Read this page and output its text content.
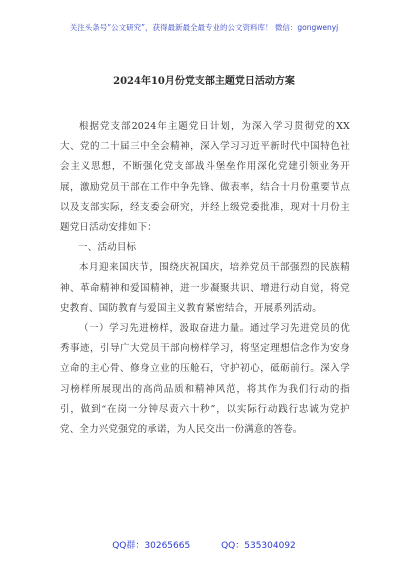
关注头条号“公文研究”，获得最新最全最专业的公文资料库！ 微信：gongwenyj
2024年10月份党支部主题党日活动方案

根据党支部2024年主题党日计划，为深入学习贯彻党的XX大、党的二十届三中全会精神，深入学习习近平新时代中国特色社会主义思想，不断强化党支部战斗堡垒作用深化党建引领业务开展，激励党员干部在工作中争先锋、做表率，结合十月份重要节点以及支部实际，经支委会研究，并经上级党委批准，现对十月份主题党日活动安排如下：

一、活动目标

本月迎来国庆节，围绕庆祝国庆，培养党员干部强烈的民族精神、革命精神和爱国精神，进一步凝聚共识、增进行动自觉，将党史教育、国防教育与爱国主义教育紧密结合，开展系列活动。

（一）学习先进榜样，汲取奋进力量。通过学习先进党员的优秀事迹，引导广大党员干部向榜样学习，将坚定理想信念作为安身立命的主心骨、修身立业的压舱石，守护初心，砥砺前行。深入学习榜样所展现出的高尚品质和精神风范，将其作为我们行动的指引，做到“在岗一分钟尽责六十秒”，以实际行动践行忠诚为党护党、全力兴党强党的承诺，为人民交出一份满意的答卷。

QQ群：30265665	QQ：535304092
